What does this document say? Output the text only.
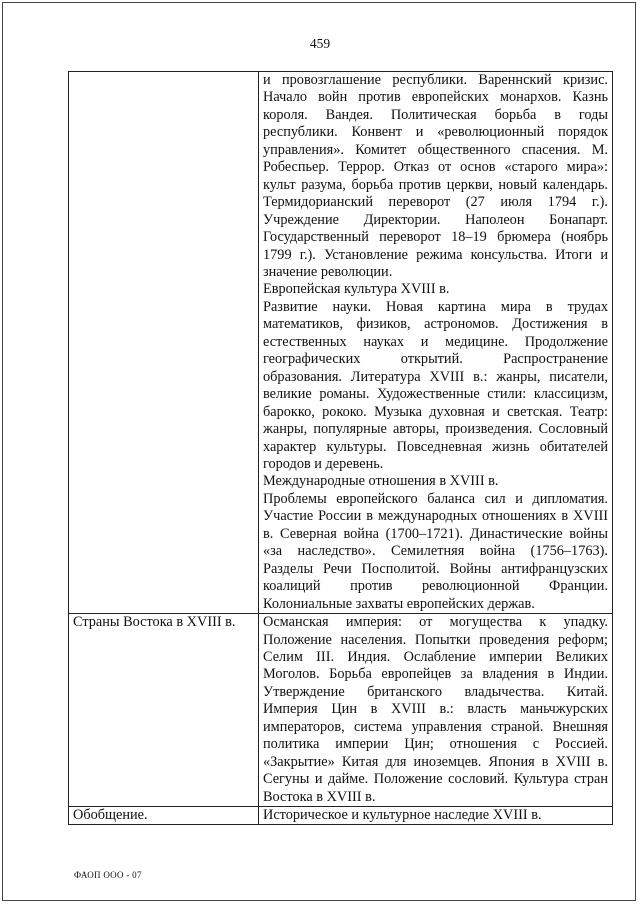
459

	и провозглашение республики. Вареннский кризис. Начало войн против европейских монархов. Казнь короля. Вандея. Политическая борьба в годы республики. Конвент и «революционный порядок управления». Комитет общественного спасения. М. Робеспьер. Террор. Отказ от основ «старого мира»: культ разума, борьба против церкви, новый календарь. Термидорианский переворот (27 июля 1794 г.). Учреждение Директории. Наполеон Бонапарт. Государственный переворот 18–19 брюмера (ноябрь 1799 г.). Установление режима консульства. Итоги и значение революции.

Европейская культура XVIII в.

Развитие науки. Новая картина мира в трудах математиков, физиков, астрономов. Достижения в естественных науках и медицине. Продолжение географических открытий. Распространение образования. Литература XVIII в.: жанры, писатели, великие романы. Художественные стили: классицизм, барокко, рококо. Музыка духовная и светская. Театр: жанры, популярные авторы, произведения. Сословный характер культуры. Повседневная жизнь обитателей городов и деревень.

Международные отношения в XVIII в.

Проблемы европейского баланса сил и дипломатия. Участие России в международных отношениях в XVIII в. Северная война (1700–1721). Династические войны «за наследство». Семилетняя война (1756–1763). Разделы Речи Посполитой. Войны антифранцузских коалиций против революционной Франции. Колониальные захваты европейских держав.

Страны Востока в XVIII в.	Османская империя: от могущества к упадку. Положение населения. Попытки проведения реформ; Селим III. Индия. Ослабление империи Великих Моголов. Борьба европейцев за владения в Индии. Утверждение британского владычества. Китай. Империя Цин в XVIII в.: власть маньчжурских императоров, система управления страной. Внешняя политика империи Цин; отношения с Россией. «Закрытие» Китая для иноземцев. Япония в XVIII в. Сегуны и дайме. Положение сословий. Культура стран Востока в XVIII в.

Обобщение.	Историческое и культурное наследие XVIII в.

ФАОП ООО - 07
